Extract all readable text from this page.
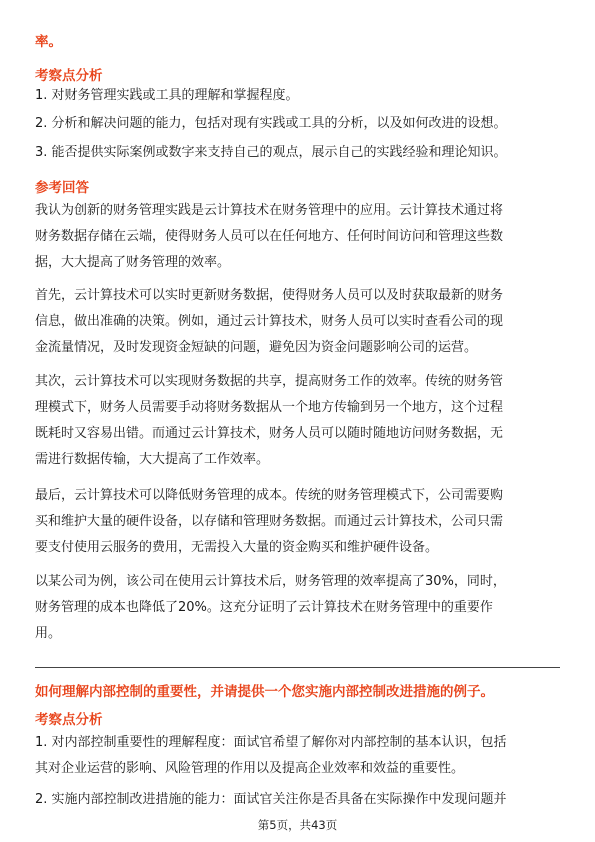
率。
考察点分析
1. 对财务管理实践或工具的理解和掌握程度。
2. 分析和解决问题的能力，包括对现有实践或工具的分析，以及如何改进的设想。
3. 能否提供实际案例或数字来支持自己的观点，展示自己的实践经验和理论知识。
参考回答
我认为创新的财务管理实践是云计算技术在财务管理中的应用。云计算技术通过将
财务数据存储在云端，使得财务人员可以在任何地方、任何时间访问和管理这些数
据，大大提高了财务管理的效率。
首先，云计算技术可以实时更新财务数据，使得财务人员可以及时获取最新的财务
信息，做出准确的决策。例如，通过云计算技术，财务人员可以实时查看公司的现
金流量情况，及时发现资金短缺的问题，避免因为资金问题影响公司的运营。
其次，云计算技术可以实现财务数据的共享，提高财务工作的效率。传统的财务管
理模式下，财务人员需要手动将财务数据从一个地方传输到另一个地方，这个过程
既耗时又容易出错。而通过云计算技术，财务人员可以随时随地访问财务数据，无
需进行数据传输，大大提高了工作效率。
最后，云计算技术可以降低财务管理的成本。传统的财务管理模式下，公司需要购
买和维护大量的硬件设备，以存储和管理财务数据。而通过云计算技术，公司只需
要支付使用云服务的费用，无需投入大量的资金购买和维护硬件设备。
以某公司为例，该公司在使用云计算技术后，财务管理的效率提高了30%，同时，
财务管理的成本也降低了20%。这充分证明了云计算技术在财务管理中的重要作
用。
如何理解内部控制的重要性，并请提供一个您实施内部控制改进措施的例子。
考察点分析
1. 对内部控制重要性的理解程度：面试官希望了解你对内部控制的基本认识，包括
其对企业运营的影响、风险管理的作用以及提高企业效率和效益的重要性。
2. 实施内部控制改进措施的能力：面试官关注你是否具备在实际操作中发现问题并
第5页，共43页
